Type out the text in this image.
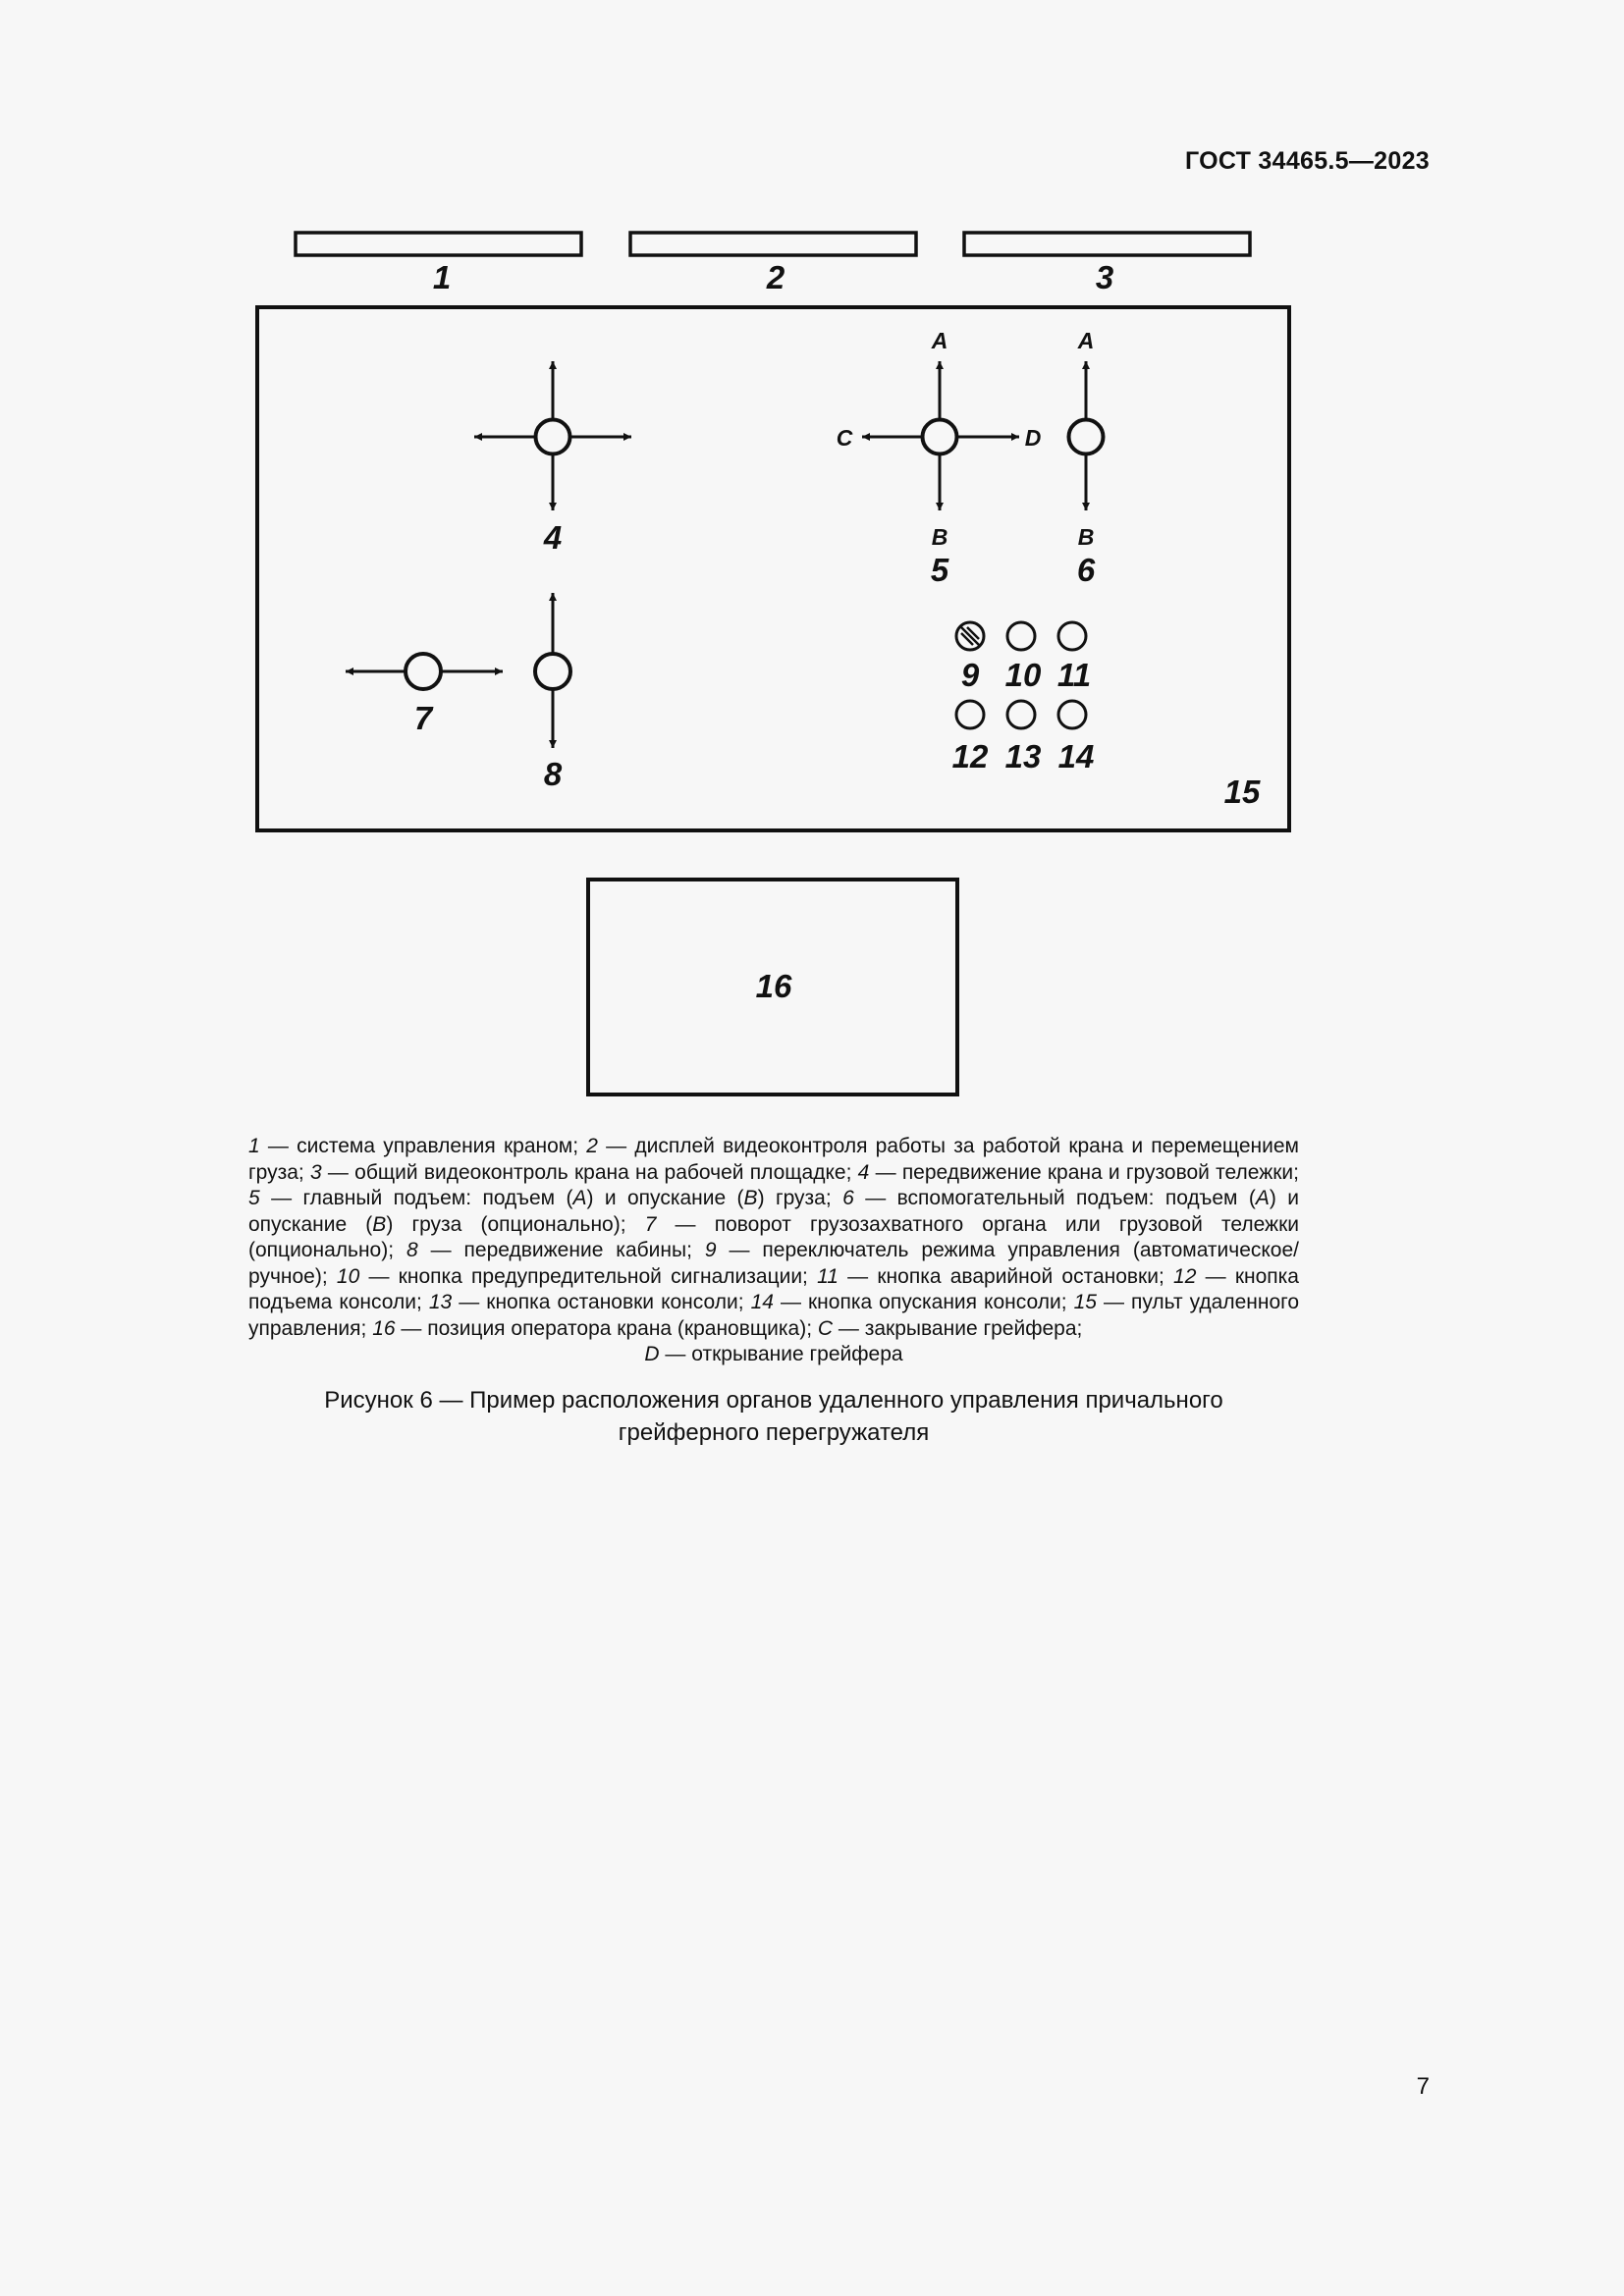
ГОСТ 34465.5—2023
1	2	3
4
A
B
C	D
5
A
B
6
7
8
9 10 11
12 13 14
15
16
1 — система управления краном; 2 — дисплей видеоконтроля работы за работой крана и перемещением груза; 3 — общий видеоконтроль крана на рабочей площадке; 4 — передвижение крана и грузовой тележки; 5 — главный подъем: подъем (A) и опускание (B) груза; 6 — вспомогательный подъем: подъем (A) и опускание (B) груза (опционально); 7 — поворот грузозахватного органа или грузовой тележки (опционально); 8 — передвижение кабины; 9 — переключатель режима управления (автоматическое/ручное); 10 — кнопка предупредительной сигнализации; 11 — кнопка аварийной остановки; 12 — кнопка подъема консоли; 13 — кнопка остановки консоли; 14 — кнопка опускания консоли; 15 — пульт удаленного управления; 16 — позиция оператора крана (крановщика); C — закрывание грейфера;
D — открывание грейфера
Рисунок 6 — Пример расположения органов удаленного управления причального
грейферного перегружателя
7
